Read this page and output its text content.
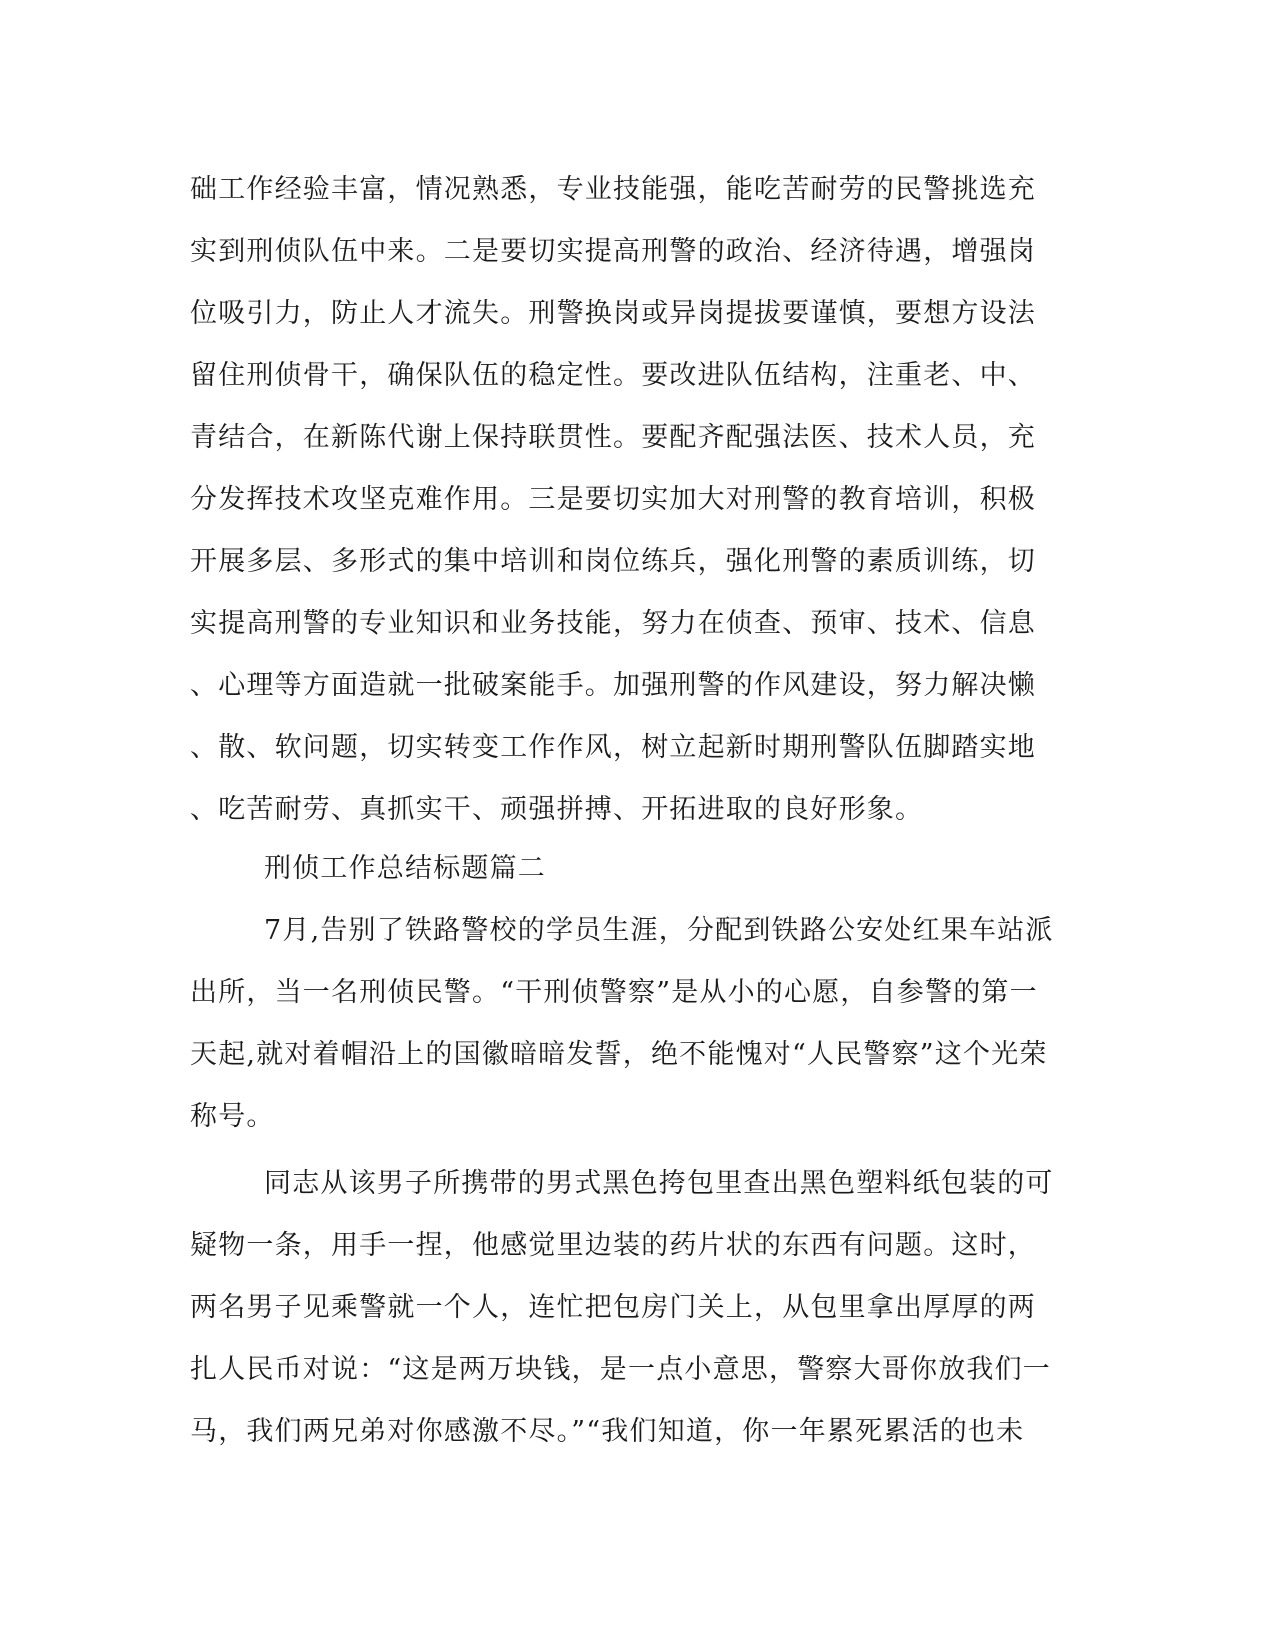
础工作经验丰富，情况熟悉，专业技能强，能吃苦耐劳的民警挑选充
实到刑侦队伍中来。二是要切实提高刑警的政治、经济待遇，增强岗
位吸引力，防止人才流失。刑警换岗或异岗提拔要谨慎，要想方设法
留住刑侦骨干，确保队伍的稳定性。要改进队伍结构，注重老、中、
青结合，在新陈代谢上保持联贯性。要配齐配强法医、技术人员，充
分发挥技术攻坚克难作用。三是要切实加大对刑警的教育培训，积极
开展多层、多形式的集中培训和岗位练兵，强化刑警的素质训练，切
实提高刑警的专业知识和业务技能，努力在侦查、预审、技术、信息
、心理等方面造就一批破案能手。加强刑警的作风建设，努力解决懒
、散、软问题，切实转变工作作风，树立起新时期刑警队伍脚踏实地
、吃苦耐劳、真抓实干、顽强拼搏、开拓进取的良好形象。
刑侦工作总结标题篇二
7月,告别了铁路警校的学员生涯，分配到铁路公安处红果车站派
出所，当一名刑侦民警。“干刑侦警察”是从小的心愿，自参警的第一
天起,就对着帽沿上的国徽暗暗发誓，绝不能愧对“人民警察”这个光荣
称号。
同志从该男子所携带的男式黑色挎包里查出黑色塑料纸包装的可
疑物一条，用手一捏，他感觉里边装的药片状的东西有问题。这时，
两名男子见乘警就一个人，连忙把包房门关上，从包里拿出厚厚的两
扎人民币对说：“这是两万块钱，是一点小意思，警察大哥你放我们一
马，我们两兄弟对你感激不尽。”“我们知道，你一年累死累活的也未
